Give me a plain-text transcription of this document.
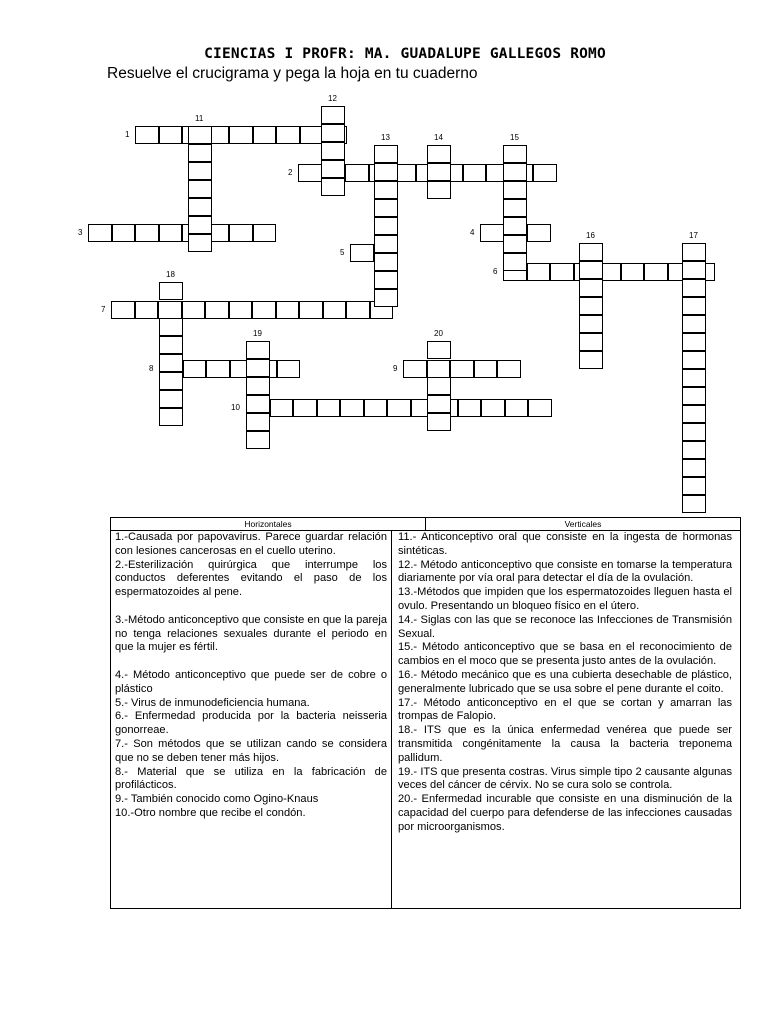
CIENCIAS I PROFR: MA. GUADALUPE GALLEGOS ROMO
Resuelve el crucigrama y pega la hoja en tu cuaderno
1
2
3	4
5
6
7
8	9
10
11
12
13	14	15
16	17
18
19	20
Horizontales	Verticales

1.-Causada por papovavirus. Parece guardar relación con lesiones cancerosas en el cuello uterino.

2.-Esterilización quirúrgica que interrumpe los conductos deferentes evitando el paso de los espermatozoides al pene.

3.-Método anticonceptivo que consiste en que la pareja no tenga relaciones sexuales durante el periodo en que la mujer es fértil.

4.- Método anticonceptivo que puede ser de cobre o plástico

5.- Virus de inmunodeficiencia humana.

6.- Enfermedad producida por la bacteria neisseria gonorreae.

7.- Son métodos que se utilizan cando se considera que no se deben tener más hijos.

8.- Material que se utiliza en la fabricación de profilácticos.

9.- También conocido como Ogino-Knaus

10.-Otro nombre que recibe el condón.

11.- Anticonceptivo oral que consiste en la ingesta de hormonas sintéticas.

12.- Método anticonceptivo que consiste en tomarse la temperatura diariamente por vía oral para detectar el día de la ovulación.

13.-Métodos que impiden que los espermatozoides lleguen hasta el ovulo. Presentando un bloqueo físico en el útero.

14.- Siglas con las que se reconoce las Infecciones de Transmisión Sexual.

15.- Método anticonceptivo que se basa en el reconocimiento de cambios en el moco que se presenta justo antes de la ovulación.

16.- Método mecánico que es una cubierta desechable de plástico, generalmente lubricado que se usa sobre el pene durante el coito.

17.- Método anticonceptivo en el que se cortan y amarran las trompas de Falopio.

18.- ITS que es la única enfermedad venérea que puede ser transmitida congénitamente la causa la bacteria treponema pallidum.

19.- ITS que presenta costras. Virus simple tipo 2 causante algunas veces del cáncer de cérvix. No se cura solo se controla.

20.- Enfermedad incurable que consiste en una disminución de la capacidad del cuerpo para defenderse de las infecciones causadas por microorganismos.
